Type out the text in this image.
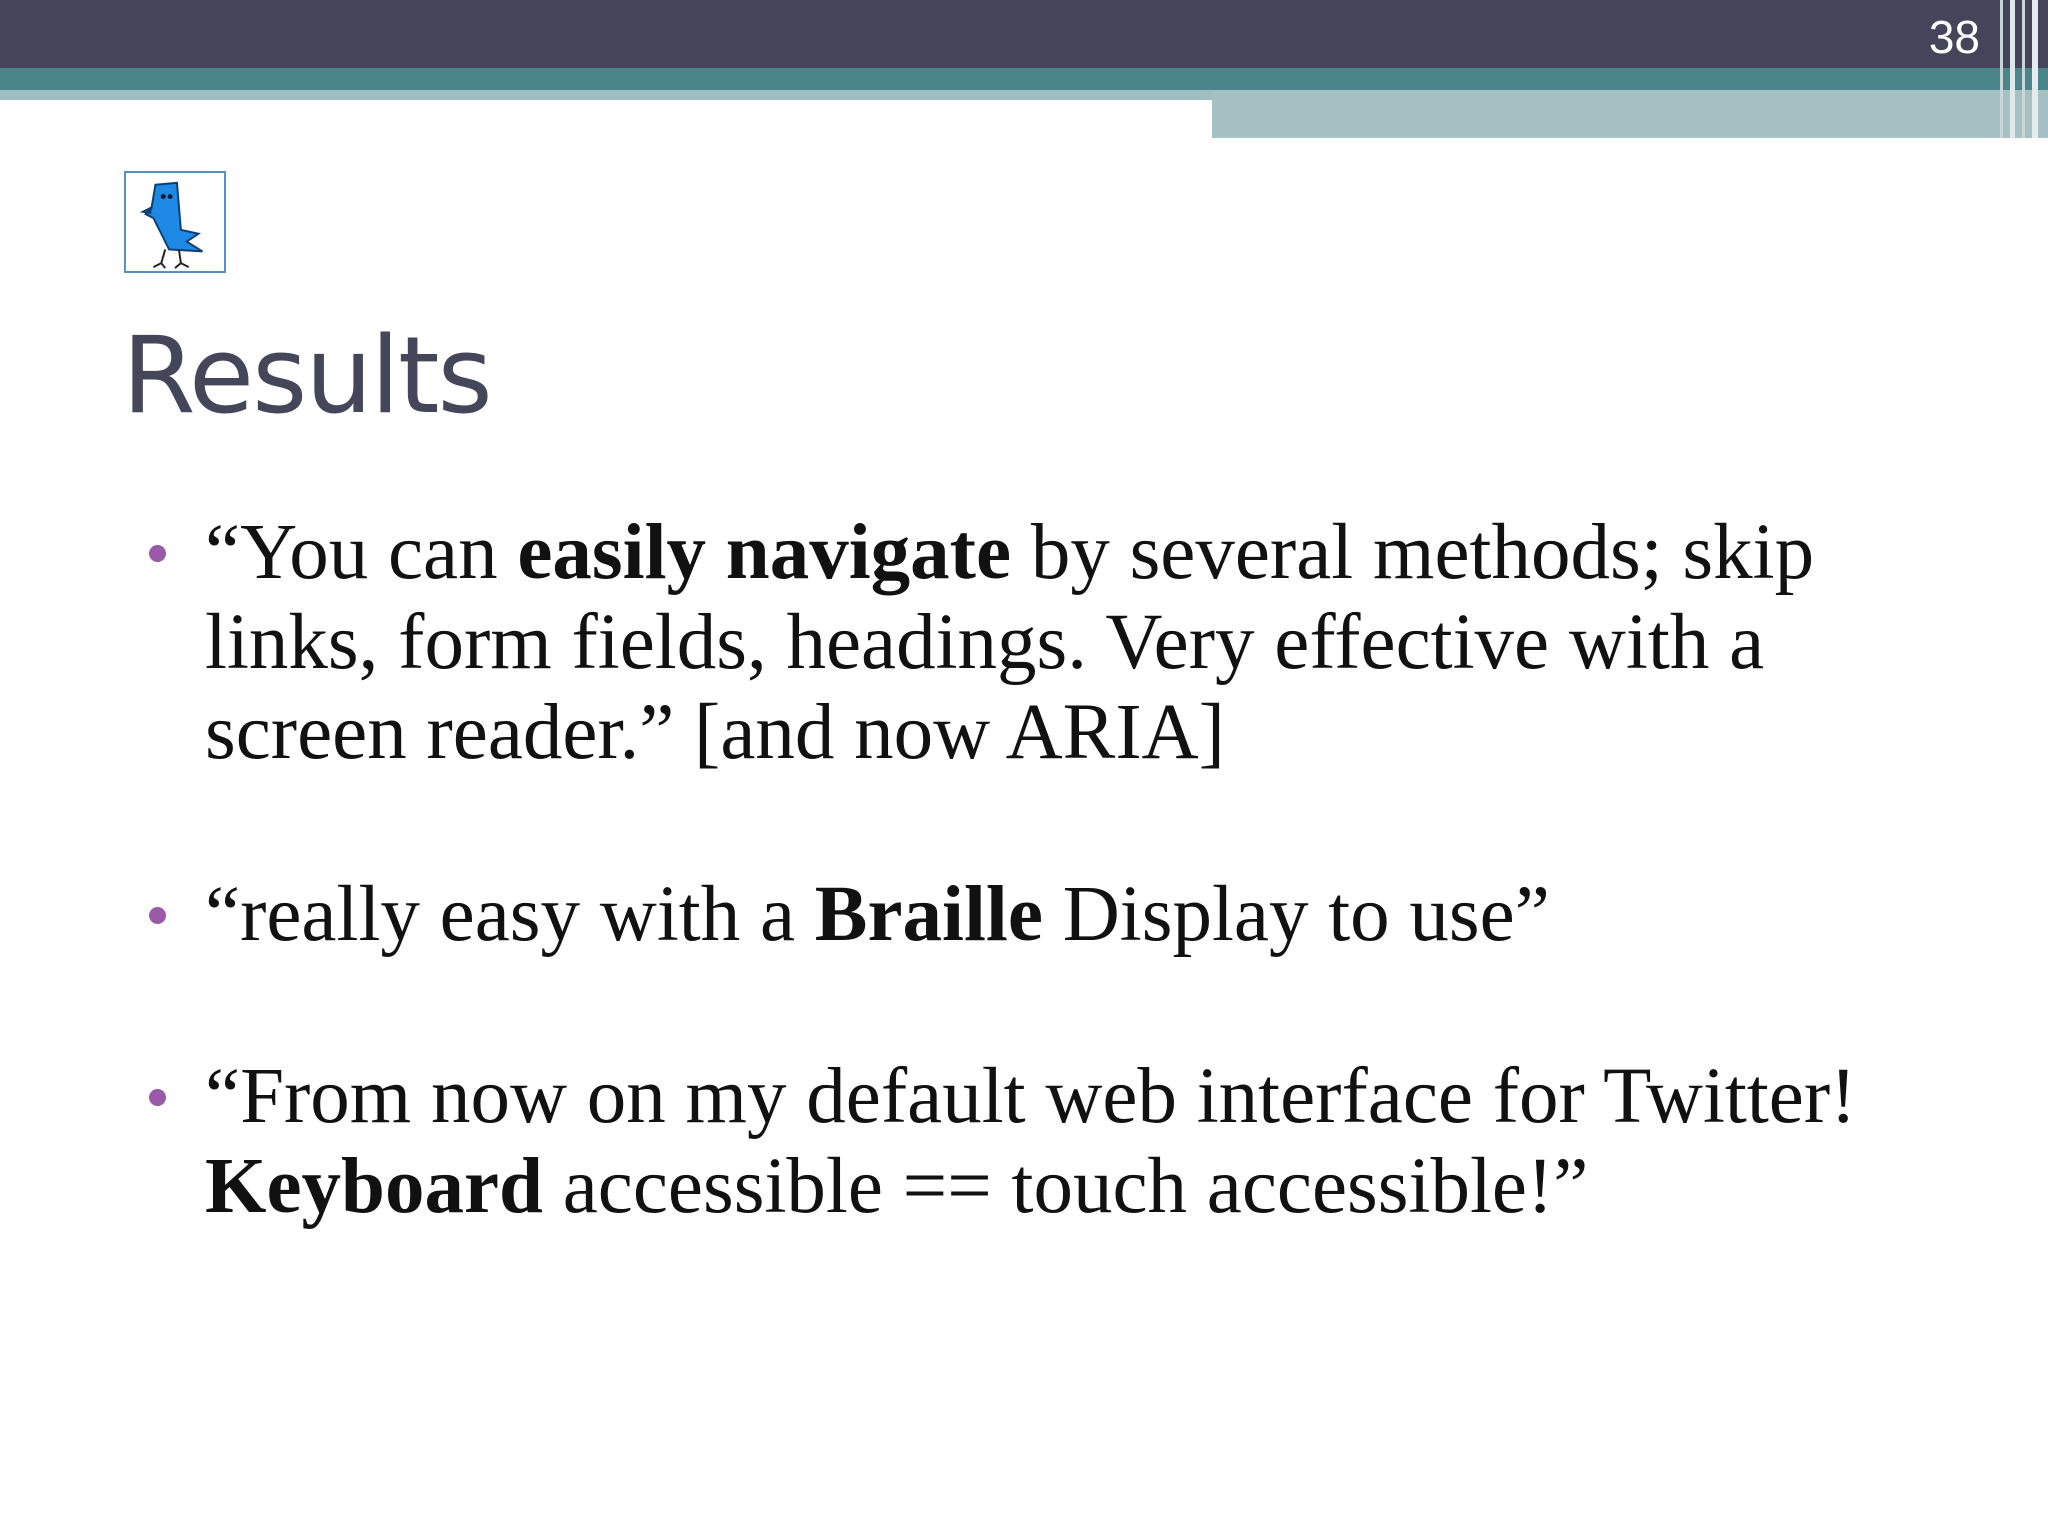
38
Results
“You can easily navigate by several methods; skip links, form fields, headings. Very effective with a screen reader.” [and now ARIA]
“really easy with a Braille Display to use”
“From now on my default web interface for Twitter! Keyboard accessible == touch accessible!”
